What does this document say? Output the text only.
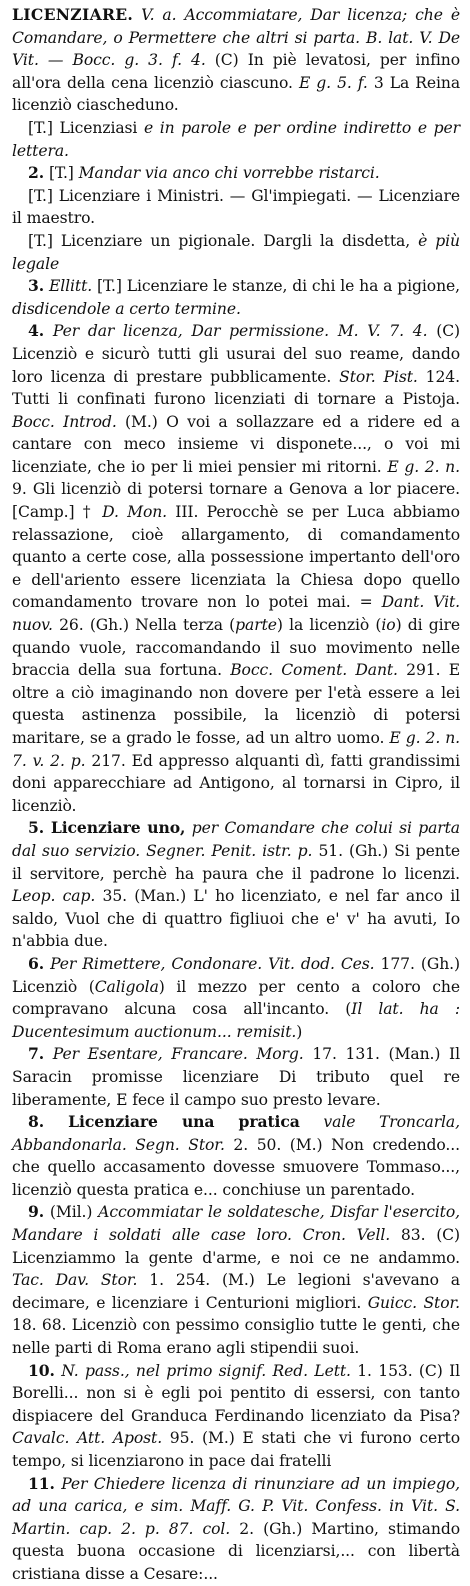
LICENZIARE. V. a. Accommiatare, Dar licenza; che è Comandare, o Permettere che altri si parta. B. lat. V. De Vit. — Bocc. g. 3. f. 4. (C) In piè levatosi, per infino all'ora della cena licenziò ciascuno. E g. 5. f. 3 La Reina licenziò ciascheduno.

[T.] Licenziasi e in parole e per ordine indiretto e per lettera.

2. [T.] Mandar via anco chi vorrebbe ristarci.

[T.] Licenziare i Ministri. — Gl'impiegati. — Licenziare il maestro.

[T.] Licenziare un pigionale. Dargli la disdetta, è più legale

3. Ellitt. [T.] Licenziare le stanze, di chi le ha a pigione, disdicendole a certo termine.

4. Per dar licenza, Dar permissione. M. V. 7. 4. (C) Licenziò e sicurò tutti gli usurai del suo reame, dando loro licenza di prestare pubblicamente. Stor. Pist. 124. Tutti li confinati furono licenziati di tornare a Pistoja. Bocc. Introd. (M.) O voi a sollazzare ed a ridere ed a cantare con meco insieme vi disponete..., o voi mi licenziate, che io per li miei pensier mi ritorni. E g. 2. n. 9. Gli licenziò di potersi tornare a Genova a lor piacere. [Camp.] † D. Mon. III. Perocchè se per Luca abbiamo relassazione, cioè allargamento, di comandamento quanto a certe cose, alla possessione impertanto dell'oro e dell'ariento essere licenziata la Chiesa dopo quello comandamento trovare non lo potei mai. = Dant. Vit. nuov. 26. (Gh.) Nella terza (parte) la licenziò (io) di gire quando vuole, raccomandando il suo movimento nelle braccia della sua fortuna. Bocc. Coment. Dant. 291. E oltre a ciò imaginando non dovere per l'età essere a lei questa astinenza possibile, la licenziò di potersi maritare, se a grado le fosse, ad un altro uomo. E g. 2. n. 7. v. 2. p. 217. Ed appresso alquanti dì, fatti grandissimi doni apparecchiare ad Antigono, al tornarsi in Cipro, il licenziò.

5. Licenziare uno, per Comandare che colui si parta dal suo servizio. Segner. Penit. istr. p. 51. (Gh.) Si pente il servitore, perchè ha paura che il padrone lo licenzi. Leop. cap. 35. (Man.) L' ho licenziato, e nel far anco il saldo, Vuol che di quattro figliuoi che e' v' ha avuti, Io n'abbia due.

6. Per Rimettere, Condonare. Vit. dod. Ces. 177. (Gh.) Licenziò (Caligola) il mezzo per cento a coloro che compravano alcuna cosa all'incanto. (Il lat. ha : Ducentesimum auctionum... remisit.)

7. Per Esentare, Francare. Morg. 17. 131. (Man.) Il Saracin promisse licenziare Di tributo quel re liberamente, E fece il campo suo presto levare.

8. Licenziare una pratica vale Troncarla, Abbandonarla. Segn. Stor. 2. 50. (M.) Non credendo... che quello accasamento dovesse smuovere Tommaso..., licenziò questa pratica e... conchiuse un parentado.

9. (Mil.) Accommiatar le soldatesche, Disfar l'esercito, Mandare i soldati alle case loro. Cron. Vell. 83. (C) Licenziammo la gente d'arme, e noi ce ne andammo. Tac. Dav. Stor. 1. 254. (M.) Le legioni s'avevano a decimare, e licenziare i Centurioni migliori. Guicc. Stor. 18. 68. Licenziò con pessimo consiglio tutte le genti, che nelle parti di Roma erano agli stipendii suoi.

10. N. pass., nel primo signif. Red. Lett. 1. 153. (C) Il Borelli... non si è egli poi pentito di essersi, con tanto dispiacere del Granduca Ferdinando licenziato da Pisa? Cavalc. Att. Apost. 95. (M.) E stati che vi furono certo tempo, si licenziarono in pace dai fratelli

11. Per Chiedere licenza di rinunziare ad un impiego, ad una carica, e sim. Maff. G. P. Vit. Confess. in Vit. S. Martin. cap. 2. p. 87. col. 2. (Gh.) Martino, stimando questa buona occasione di licenziarsi,... con libertà cristiana disse a Cesare:...
